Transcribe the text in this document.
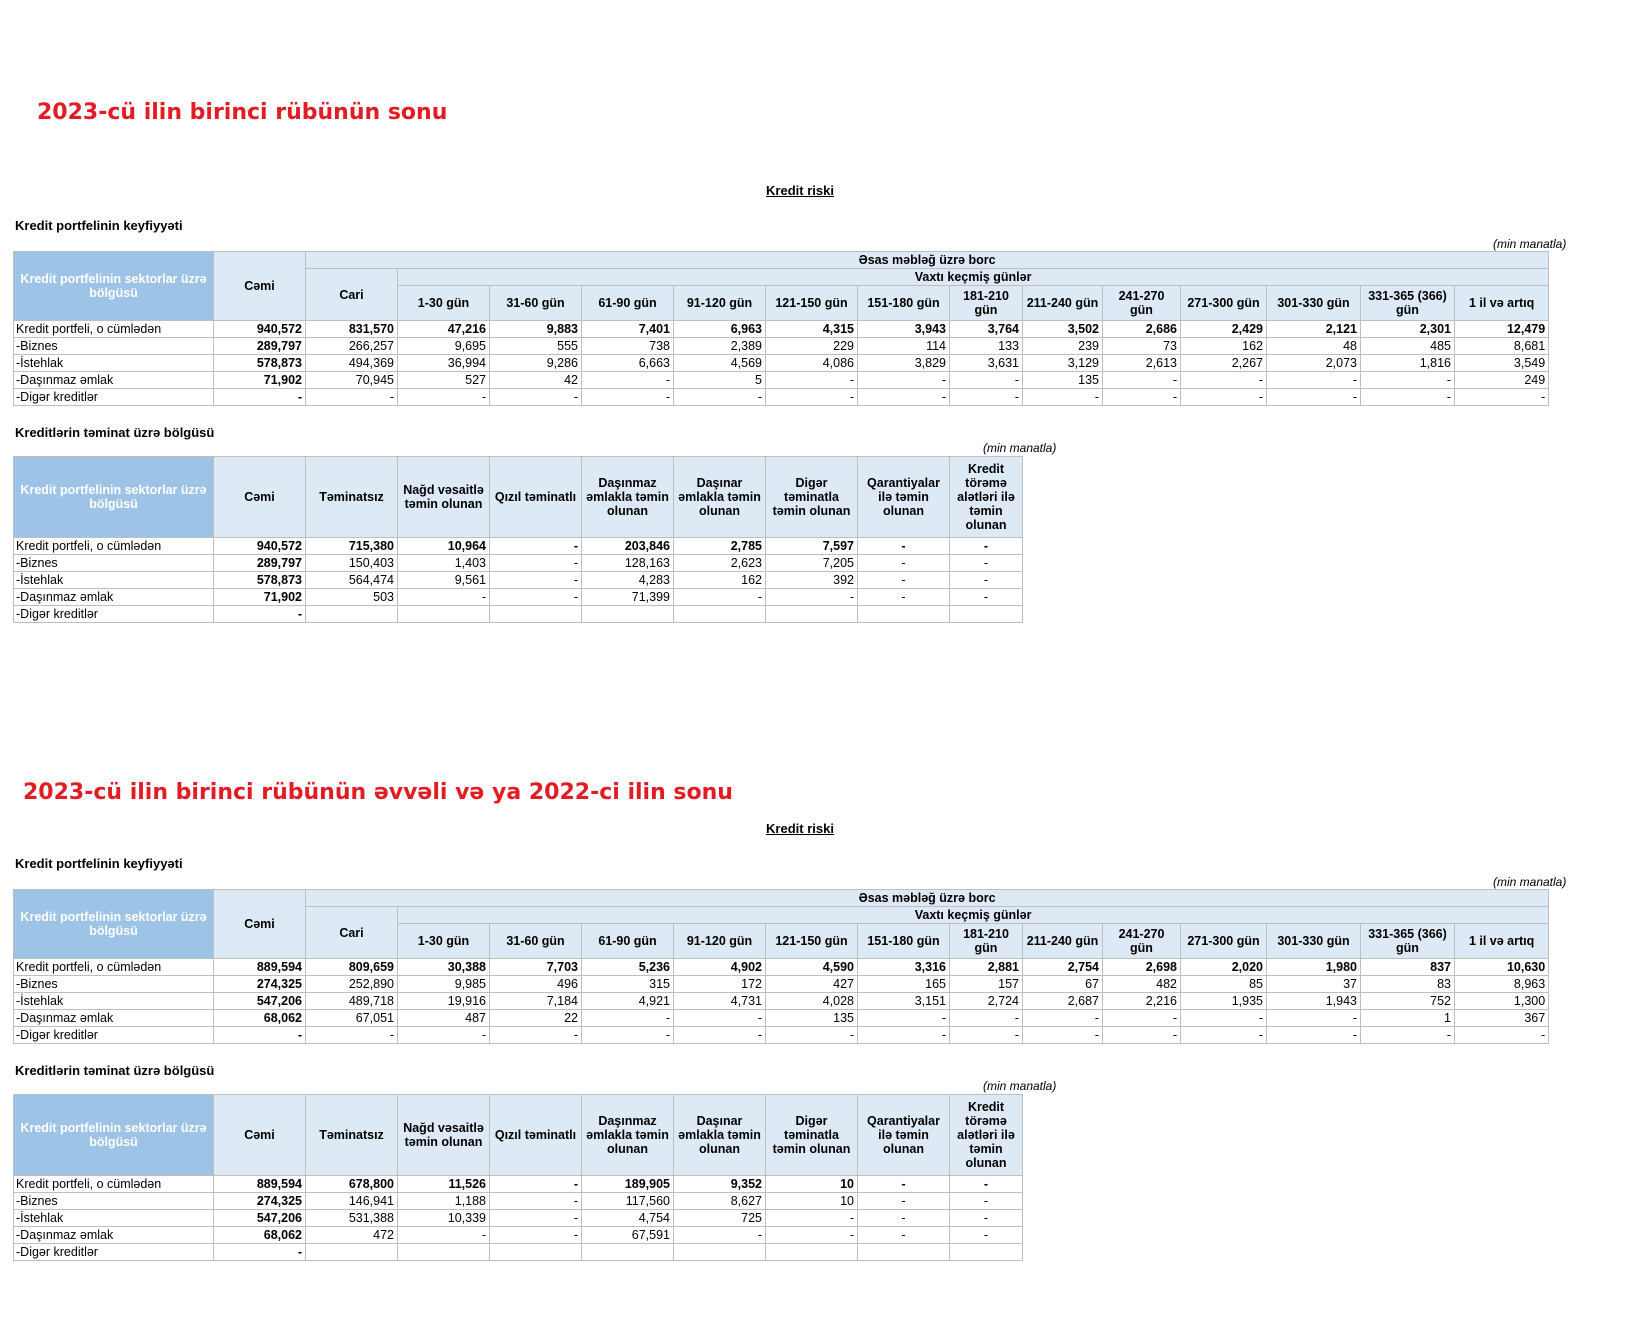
2023-cü ilin birinci rübünün sonu
Kredit riski
Kredit portfelinin keyfiyyəti
(min manatla)
Kredit portfelinin sektorlar üzrə bölgüsü	Cəmi	Əsas məbləğ üzrə borc													
		Cari	Vaxtı keçmiş günlər												
			1-30 gün	31-60 gün	61-90 gün	91-120 gün	121-150 gün	151-180 gün	181-210 gün	211-240 gün	241-270 gün	271-300 gün	301-330 gün	331-365 (366) gün	1 il və artıq
Kredit portfeli, o cümlədən	940,572	831,570	47,216	9,883	7,401	6,963	4,315	3,943	3,764	3,502	2,686	2,429	2,121	2,301	12,479
-Biznes	289,797	266,257	9,695	555	738	2,389	229	114	133	239	73	162	48	485	8,681
-İstehlak	578,873	494,369	36,994	9,286	6,663	4,569	4,086	3,829	3,631	3,129	2,613	2,267	2,073	1,816	3,549
-Daşınmaz əmlak	71,902	70,945	527	42	-	5	-	-	-	135	-	-	-	-	249
-Digər kreditlər	-	-	-	-	-	-	-	-	-	-	-	-	-	-	-
Kreditlərin təminat üzrə bölgüsü
(min manatla)
Kredit portfelinin sektorlar üzrə bölgüsü	Cəmi	Təminatsız	Nağd vəsaitlə təmin olunan	Qızıl təminatlı	Daşınmaz əmlakla təmin olunan	Daşınar əmlakla təmin olunan	Digər təminatla təmin olunan	Qarantiyalar ilə təmin olunan	Kredit törəmə alətləri ilə təmin olunan
Kredit portfeli, o cümlədən	940,572	715,380	10,964	-	203,846	2,785	7,597	-	-
-Biznes	289,797	150,403	1,403	-	128,163	2,623	7,205	-	-
-İstehlak	578,873	564,474	9,561	-	4,283	162	392	-	-
-Daşınmaz əmlak	71,902	503	-	-	71,399	-	-	-	-
-Digər kreditlər	-								
2023-cü ilin birinci rübünün əvvəli və ya 2022-ci ilin sonu
Kredit riski
Kredit portfelinin keyfiyyəti
(min manatla)
Kredit portfelinin sektorlar üzrə bölgüsü	Cəmi	Əsas məbləğ üzrə borc													
		Cari	Vaxtı keçmiş günlər												
			1-30 gün	31-60 gün	61-90 gün	91-120 gün	121-150 gün	151-180 gün	181-210 gün	211-240 gün	241-270 gün	271-300 gün	301-330 gün	331-365 (366) gün	1 il və artıq
Kredit portfeli, o cümlədən	889,594	809,659	30,388	7,703	5,236	4,902	4,590	3,316	2,881	2,754	2,698	2,020	1,980	837	10,630
-Biznes	274,325	252,890	9,985	496	315	172	427	165	157	67	482	85	37	83	8,963
-İstehlak	547,206	489,718	19,916	7,184	4,921	4,731	4,028	3,151	2,724	2,687	2,216	1,935	1,943	752	1,300
-Daşınmaz əmlak	68,062	67,051	487	22	-	-	135	-	-	-	-	-	-	1	367
-Digər kreditlər	-	-	-	-	-	-	-	-	-	-	-	-	-	-	-
Kreditlərin təminat üzrə bölgüsü
(min manatla)
Kredit portfelinin sektorlar üzrə bölgüsü	Cəmi	Təminatsız	Nağd vəsaitlə təmin olunan	Qızıl təminatlı	Daşınmaz əmlakla təmin olunan	Daşınar əmlakla təmin olunan	Digər təminatla təmin olunan	Qarantiyalar ilə təmin olunan	Kredit törəmə alətləri ilə təmin olunan
Kredit portfeli, o cümlədən	889,594	678,800	11,526	-	189,905	9,352	10	-	-
-Biznes	274,325	146,941	1,188	-	117,560	8,627	10	-	-
-İstehlak	547,206	531,388	10,339	-	4,754	725	-	-	-
-Daşınmaz əmlak	68,062	472	-	-	67,591	-	-	-	-
-Digər kreditlər	-								
